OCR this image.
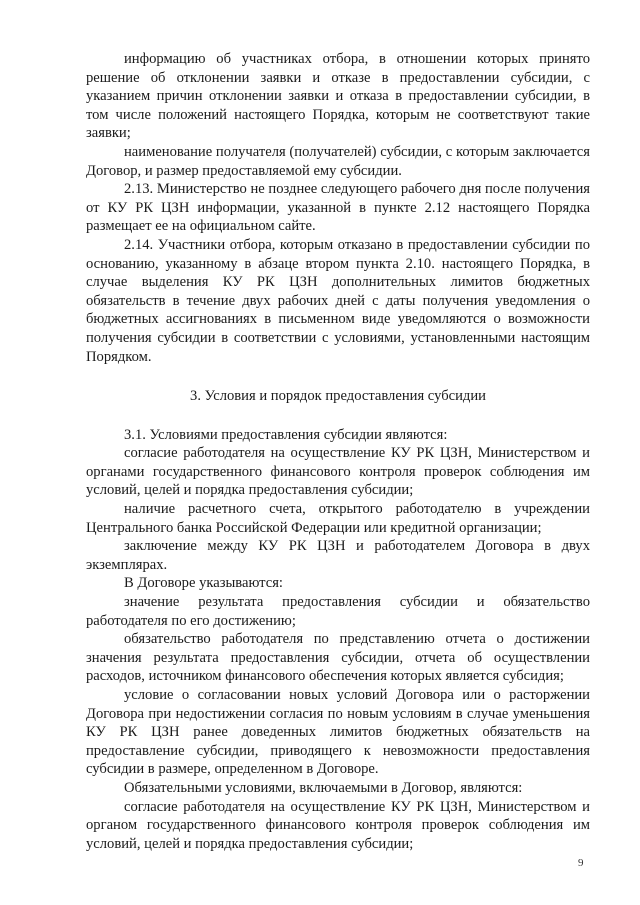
информацию об участниках отбора, в отношении которых принято решение об отклонении заявки и отказе в предоставлении субсидии, с указанием причин отклонении заявки и отказа в предоставлении субсидии, в том числе положений настоящего Порядка, которым не соответствуют такие заявки;

наименование получателя (получателей) субсидии, с которым заключается Договор, и размер предоставляемой ему субсидии.

2.13. Министерство не позднее следующего рабочего дня после получения от КУ РК ЦЗН информации, указанной в пункте 2.12 настоящего Порядка размещает ее на официальном сайте.

2.14. Участники отбора, которым отказано в предоставлении субсидии по основанию, указанному в абзаце втором пункта 2.10. настоящего Порядка, в случае выделения КУ РК ЦЗН дополнительных лимитов бюджетных обязательств в течение двух рабочих дней с даты получения уведомления о бюджетных ассигнованиях в письменном виде уведомляются о возможности получения субсидии в соответствии с условиями, установленными настоящим Порядком.

3. Условия и порядок предоставления субсидии

3.1. Условиями предоставления субсидии являются:

согласие работодателя на осуществление КУ РК ЦЗН, Министерством и органами государственного финансового контроля проверок соблюдения им условий, целей и порядка предоставления субсидии;

наличие расчетного счета, открытого работодателю в учреждении Центрального банка Российской Федерации или кредитной организации;

заключение между КУ РК ЦЗН и работодателем Договора в двух экземплярах.

В Договоре указываются:

значение результата предоставления субсидии и обязательство работодателя по его достижению;

обязательство работодателя по представлению отчета о достижении значения результата предоставления субсидии, отчета об осуществлении расходов, источником финансового обеспечения которых является субсидия;

условие о согласовании новых условий Договора или о расторжении Договора при недостижении согласия по новым условиям в случае уменьшения КУ РК ЦЗН ранее доведенных лимитов бюджетных обязательств на предоставление субсидии, приводящего к невозможности предоставления субсидии в размере, определенном в Договоре.

Обязательными условиями, включаемыми в Договор, являются:

согласие работодателя на осуществление КУ РК ЦЗН, Министерством и органом государственного финансового контроля проверок соблюдения им условий, целей и порядка предоставления субсидии;

9
